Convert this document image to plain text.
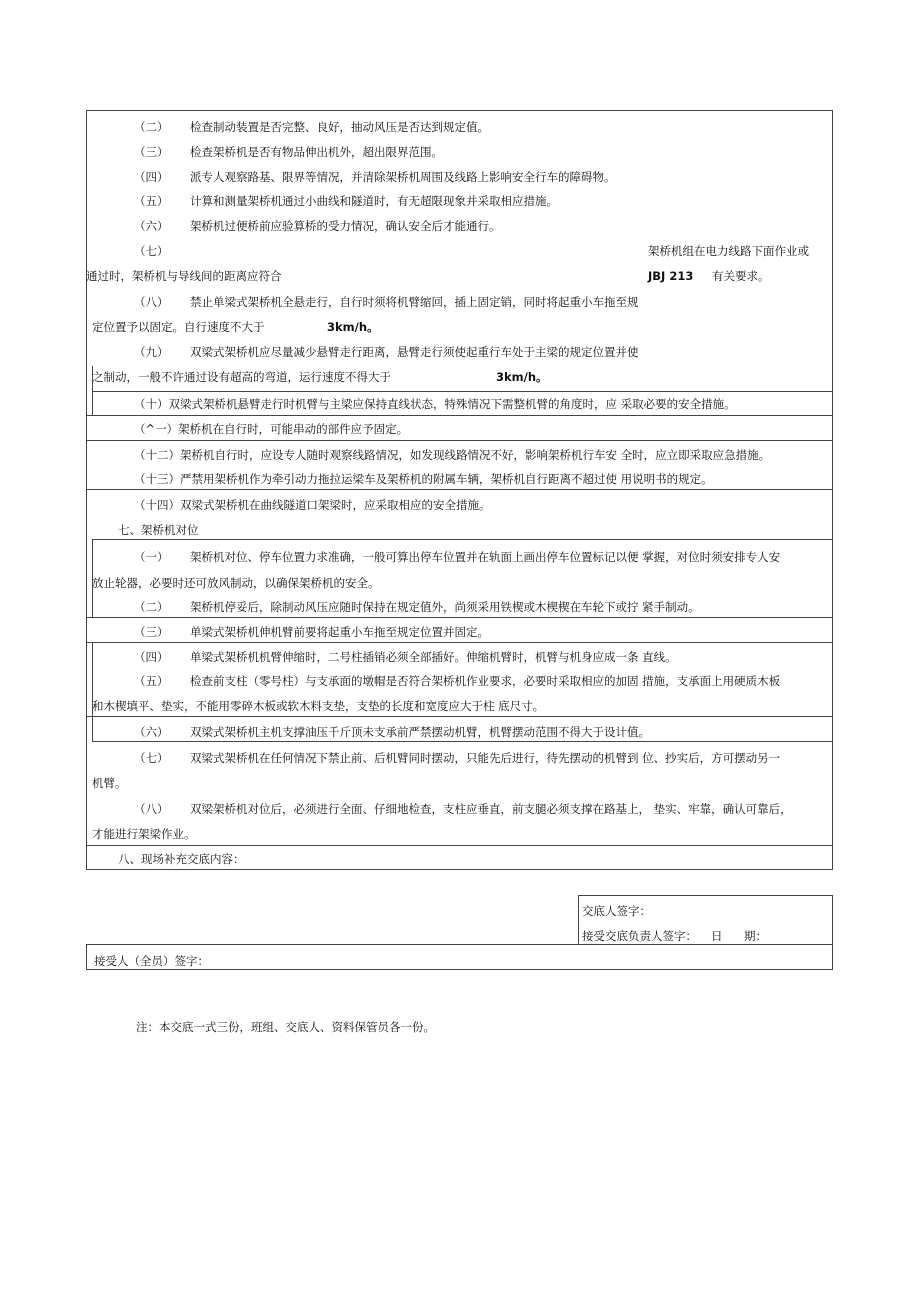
（二） 检查制动装置是否完整、良好，抽动风压是否达到规定值。
（三） 检查架桥机是否有物品伸出机外，超出限界范围。
（四） 派专人观察路基、限界等情况，并清除架桥机周围及线路上影响安全行车的障碍物。
（五） 计算和测量架桥机通过小曲线和隧道时，有无超限现象并采取相应措施。
（六） 架桥机过便桥前应验算桥的受力情况，确认安全后才能通行。
（七）	架桥机组在电力线路下面作业或
通过时，架桥机与导线间的距离应符合	JBJ 213 有关要求。
（八） 禁止单梁式架桥机全悬走行，自行时须将机臂缩回，插上固定销，同时将起重小车拖至规
定位置予以固定。自行速度不大于	3km/h。
（九） 双梁式架桥机应尽量减少悬臂走行距离，悬臂走行须使起重行车处于主梁的规定位置并使
之制动，一般不许通过设有超高的弯道，运行速度不得大于	3km/h。
（十）双梁式架桥机悬臂走行时机臂与主梁应保持直线状态，特殊情况下需整机臂的角度时，应 采取必要的安全措施。
（^一）架桥机在自行时，可能串动的部件应予固定。
（十二）架桥机自行时，应设专人随时观察线路情况，如发现线路情况不好，影响架桥机行车安 全时，应立即采取应急措施。
（十三）严禁用架桥机作为牵引动力拖拉运梁车及架桥机的附属车辆，架桥机自行距离不超过使 用说明书的规定。
（十四）双梁式架桥机在曲线隧道口架梁时，应采取相应的安全措施。
七、架桥机对位
（一） 架桥机对位、停车位置力求准确，一般可算出停车位置并在轨面上画出停车位置标记以便 掌握，对位时须安排专人安
放止轮器，必要时还可放风制动，以确保架桥机的安全。
（二） 架桥机停妥后，除制动风压应随时保持在规定值外，尚须采用铁楔或木楔楔在车轮下或拧 紧手制动。
（三） 单梁式架桥机伸机臂前要将起重小车拖至规定位置并固定。
（四） 单梁式架桥机机臂伸缩时，二号柱插销必须全部插好。伸缩机臂时，机臂与机身应成一条 直线。
（五） 检查前支柱（零号柱）与支承面的墩帽是否符合架桥机作业要求，必要时采取相应的加固 措施，支承面上用硬质木板
和木楔填平、垫实，不能用零碎木板或软木料支垫，支垫的长度和宽度应大于柱 底尺寸。
（六） 双梁式架桥机主机支撑油压千斤顶未支承前严禁摆动机臂，机臂摆动范围不得大于设计值。
（七） 双梁式架桥机在任何情况下禁止前、后机臂同时摆动，只能先后进行，待先摆动的机臂到 位、抄实后，方可摆动另一
机臂。
（八） 双梁架桥机对位后，必须进行全面、仔细地检查，支柱应垂直，前支腿必须支撑在路基上， 垫实、牢靠，确认可靠后，
才能进行架梁作业。
八、现场补充交底内容：
交底人签字：
接受交底负责人签字： 日 期：
接受人（全员）签字：
注：本交底一式三份，班组、交底人、资料保管员各一份。
